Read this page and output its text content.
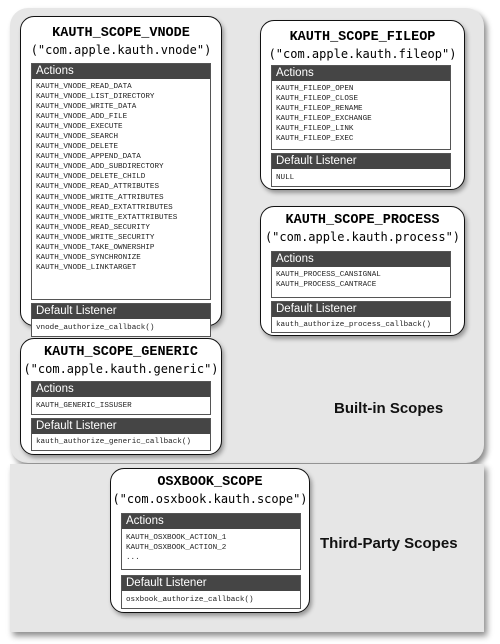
Built-in Scopes
Third-Party Scopes
KAUTH_SCOPE_VNODE
("com.apple.kauth.vnode")
Actions
KAUTH_VNODE_READ_DATA
KAUTH_VNODE_LIST_DIRECTORY
KAUTH_VNODE_WRITE_DATA
KAUTH_VNODE_ADD_FILE
KAUTH_VNODE_EXECUTE
KAUTH_VNODE_SEARCH
KAUTH_VNODE_DELETE
KAUTH_VNODE_APPEND_DATA
KAUTH_VNODE_ADD_SUBDIRECTORY
KAUTH_VNODE_DELETE_CHILD
KAUTH_VNODE_READ_ATTRIBUTES
KAUTH_VNODE_WRITE_ATTRIBUTES
KAUTH_VNODE_READ_EXTATTRIBUTES
KAUTH_VNODE_WRITE_EXTATTRIBUTES
KAUTH_VNODE_READ_SECURITY
KAUTH_VNODE_WRITE_SECURITY
KAUTH_VNODE_TAKE_OWNERSHIP
KAUTH_VNODE_SYNCHRONIZE
KAUTH_VNODE_LINKTARGET
Default Listener
vnode_authorize_callback()
KAUTH_SCOPE_FILEOP
("com.apple.kauth.fileop")
Actions
KAUTH_FILEOP_OPEN
KAUTH_FILEOP_CLOSE
KAUTH_FILEOP_RENAME
KAUTH_FILEOP_EXCHANGE
KAUTH_FILEOP_LINK
KAUTH_FILEOP_EXEC
Default Listener
NULL
KAUTH_SCOPE_PROCESS
("com.apple.kauth.process")
Actions
KAUTH_PROCESS_CANSIGNAL
KAUTH_PROCESS_CANTRACE
Default Listener
kauth_authorize_process_callback()
KAUTH_SCOPE_GENERIC
("com.apple.kauth.generic")
Actions
KAUTH_GENERIC_ISSUSER
Default Listener
kauth_authorize_generic_callback()
OSXBOOK_SCOPE
("com.osxbook.kauth.scope")
Actions
KAUTH_OSXBOOK_ACTION_1
KAUTH_OSXBOOK_ACTION_2
...
Default Listener
osxbook_authorize_callback()
